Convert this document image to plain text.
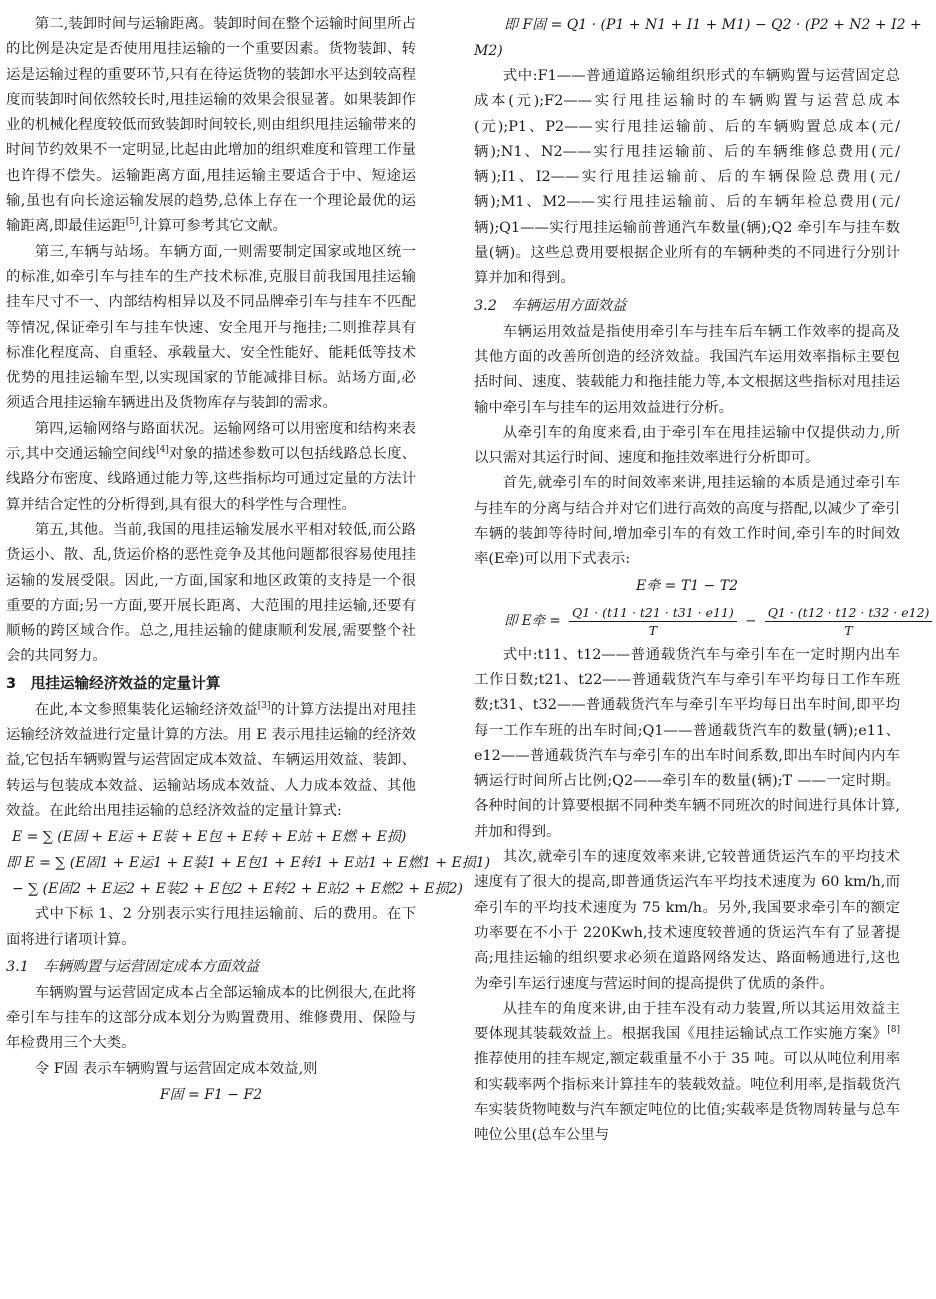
第二,装卸时间与运输距离。装卸时间在整个运输时间里所占的比例是决定是否使用甩挂运输的一个重要因素。货物装卸、转运是运输过程的重要环节,只有在待运货物的装卸水平达到较高程度而装卸时间依然较长时,甩挂运输的效果会很显著。如果装卸作业的机械化程度较低而致装卸时间较长,则由组织甩挂运输带来的时间节约效果不一定明显,比起由此增加的组织难度和管理工作量也许得不偿失。运输距离方面,甩挂运输主要适合于中、短途运输,虽也有向长途运输发展的趋势,总体上存在一个理论最优的运输距离,即最佳运距[5],计算可参考其它文献。

第三,车辆与站场。车辆方面,一则需要制定国家或地区统一的标准,如牵引车与挂车的生产技术标准,克服目前我国甩挂运输挂车尺寸不一、内部结构相异以及不同品牌牵引车与挂车不匹配等情况,保证牵引车与挂车快速、安全甩开与拖挂;二则推荐具有标准化程度高、自重轻、承载量大、安全性能好、能耗低等技术优势的甩挂运输车型,以实现国家的节能减排目标。站场方面,必须适合甩挂运输车辆进出及货物库存与装卸的需求。

第四,运输网络与路面状况。运输网络可以用密度和结构来表示,其中交通运输空间线[4]对象的描述参数可以包括线路总长度、线路分布密度、线路通过能力等,这些指标均可通过定量的方法计算并结合定性的分析得到,具有很大的科学性与合理性。

第五,其他。当前,我国的甩挂运输发展水平相对较低,而公路货运小、散、乱,货运价格的恶性竞争及其他问题都很容易使甩挂运输的发展受限。因此,一方面,国家和地区政策的支持是一个很重要的方面;另一方面,要开展长距离、大范围的甩挂运输,还要有顺畅的跨区域合作。总之,甩挂运输的健康顺利发展,需要整个社会的共同努力。

3　甩挂运输经济效益的定量计算

在此,本文参照集装化运输经济效益[3]的计算方法提出对甩挂运输经济效益进行定量计算的方法。用 E 表示甩挂运输的经济效益,它包括车辆购置与运营固定成本效益、车辆运用效益、装卸、转运与包装成本效益、运输站场成本效益、人力成本效益、其他效益。在此给出甩挂运输的总经济效益的定量计算式:

E = ∑ (E固 + E运 + E装 + E包 + E转 + E站 + E燃 + E损)
即 E = ∑ (E固1 + E运1 + E装1 + E包1 + E转1 + E站1 + E燃1 + E损1)
− ∑ (E固2 + E运2 + E装2 + E包2 + E转2 + E站2 + E燃2 + E损2)

式中下标 1、2 分别表示实行甩挂运输前、后的费用。在下面将进行诸项计算。

3.1　车辆购置与运营固定成本方面效益

车辆购置与运营固定成本占全部运输成本的比例很大,在此将牵引车与挂车的这部分成本划分为购置费用、维修费用、保险与年检费用三个大类。

令 F固 表示车辆购置与运营固定成本效益,则

F固 = F1 − F2
即 F固 = Q1 · (P1 + N1 + I1 + M1) − Q2 · (P2 + N2 + I2 +
M2)

式中:F1——普通道路运输组织形式的车辆购置与运营固定总成本(元);F2——实行甩挂运输时的车辆购置与运营总成本(元);P1、P2——实行甩挂运输前、后的车辆购置总成本(元/辆);N1、N2——实行甩挂运输前、后的车辆维修总费用(元/辆);I1、I2——实行甩挂运输前、后的车辆保险总费用(元/辆);M1、M2——实行甩挂运输前、后的车辆年检总费用(元/辆);Q1——实行甩挂运输前普通汽车数量(辆);Q2 牵引车与挂车数量(辆)。这些总费用要根据企业所有的车辆种类的不同进行分别计算并加和得到。

3.2　车辆运用方面效益

车辆运用效益是指使用牵引车与挂车后车辆工作效率的提高及其他方面的改善所创造的经济效益。我国汽车运用效率指标主要包括时间、速度、装载能力和拖挂能力等,本文根据这些指标对甩挂运输中牵引车与挂车的运用效益进行分析。

从牵引车的角度来看,由于牵引车在甩挂运输中仅提供动力,所以只需对其运行时间、速度和拖挂效率进行分析即可。

首先,就牵引车的时间效率来讲,甩挂运输的本质是通过牵引车与挂车的分离与结合并对它们进行高效的高度与搭配,以减少了牵引车辆的装卸等待时间,增加牵引车的有效工作时间,牵引车的时间效率(E牵)可以用下式表示:

E牵 = T1 − T2
即 E牵 = $\frac{Q1 \cdot (t11 \cdot t21 \cdot t31 \cdot e11)}{T} - \frac{Q1 \cdot (t12 \cdot t12 \cdot t32 \cdot e12)}{T}$

式中:t11、t12——普通载货汽车与牵引车在一定时期内出车工作日数;t21、t22——普通载货汽车与牵引车平均每日工作车班数;t31、t32——普通载货汽车与牵引车平均每日出车时间,即平均每一工作车班的出车时间;Q1——普通载货汽车的数量(辆);e11、e12——普通载货汽车与牵引车的出车时间系数,即出车时间内内车辆运行时间所占比例;Q2——牵引车的数量(辆);T ——一定时期。各种时间的计算要根据不同种类车辆不同班次的时间进行具体计算,并加和得到。

其次,就牵引车的速度效率来讲,它较普通货运汽车的平均技术速度有了很大的提高,即普通货运汽车平均技术速度为 60 km/h,而牵引车的平均技术速度为 75 km/h。另外,我国要求牵引车的额定功率要在不小于 220Kwh,技术速度较普通的货运汽车有了显著提高;甩挂运输的组织要求必须在道路网络发达、路面畅通进行,这也为牵引车运行速度与营运时间的提高提供了优质的条件。

从挂车的角度来讲,由于挂车没有动力装置,所以其运用效益主要体现其装载效益上。根据我国《甩挂运输试点工作实施方案》[8]推荐使用的挂车规定,额定载重量不小于 35 吨。可以从吨位利用率和实载率两个指标来计算挂车的装载效益。吨位利用率,是指载货汽车实装货物吨数与汽车额定吨位的比值;实载率是货物周转量与总车吨位公里(总车公里与
